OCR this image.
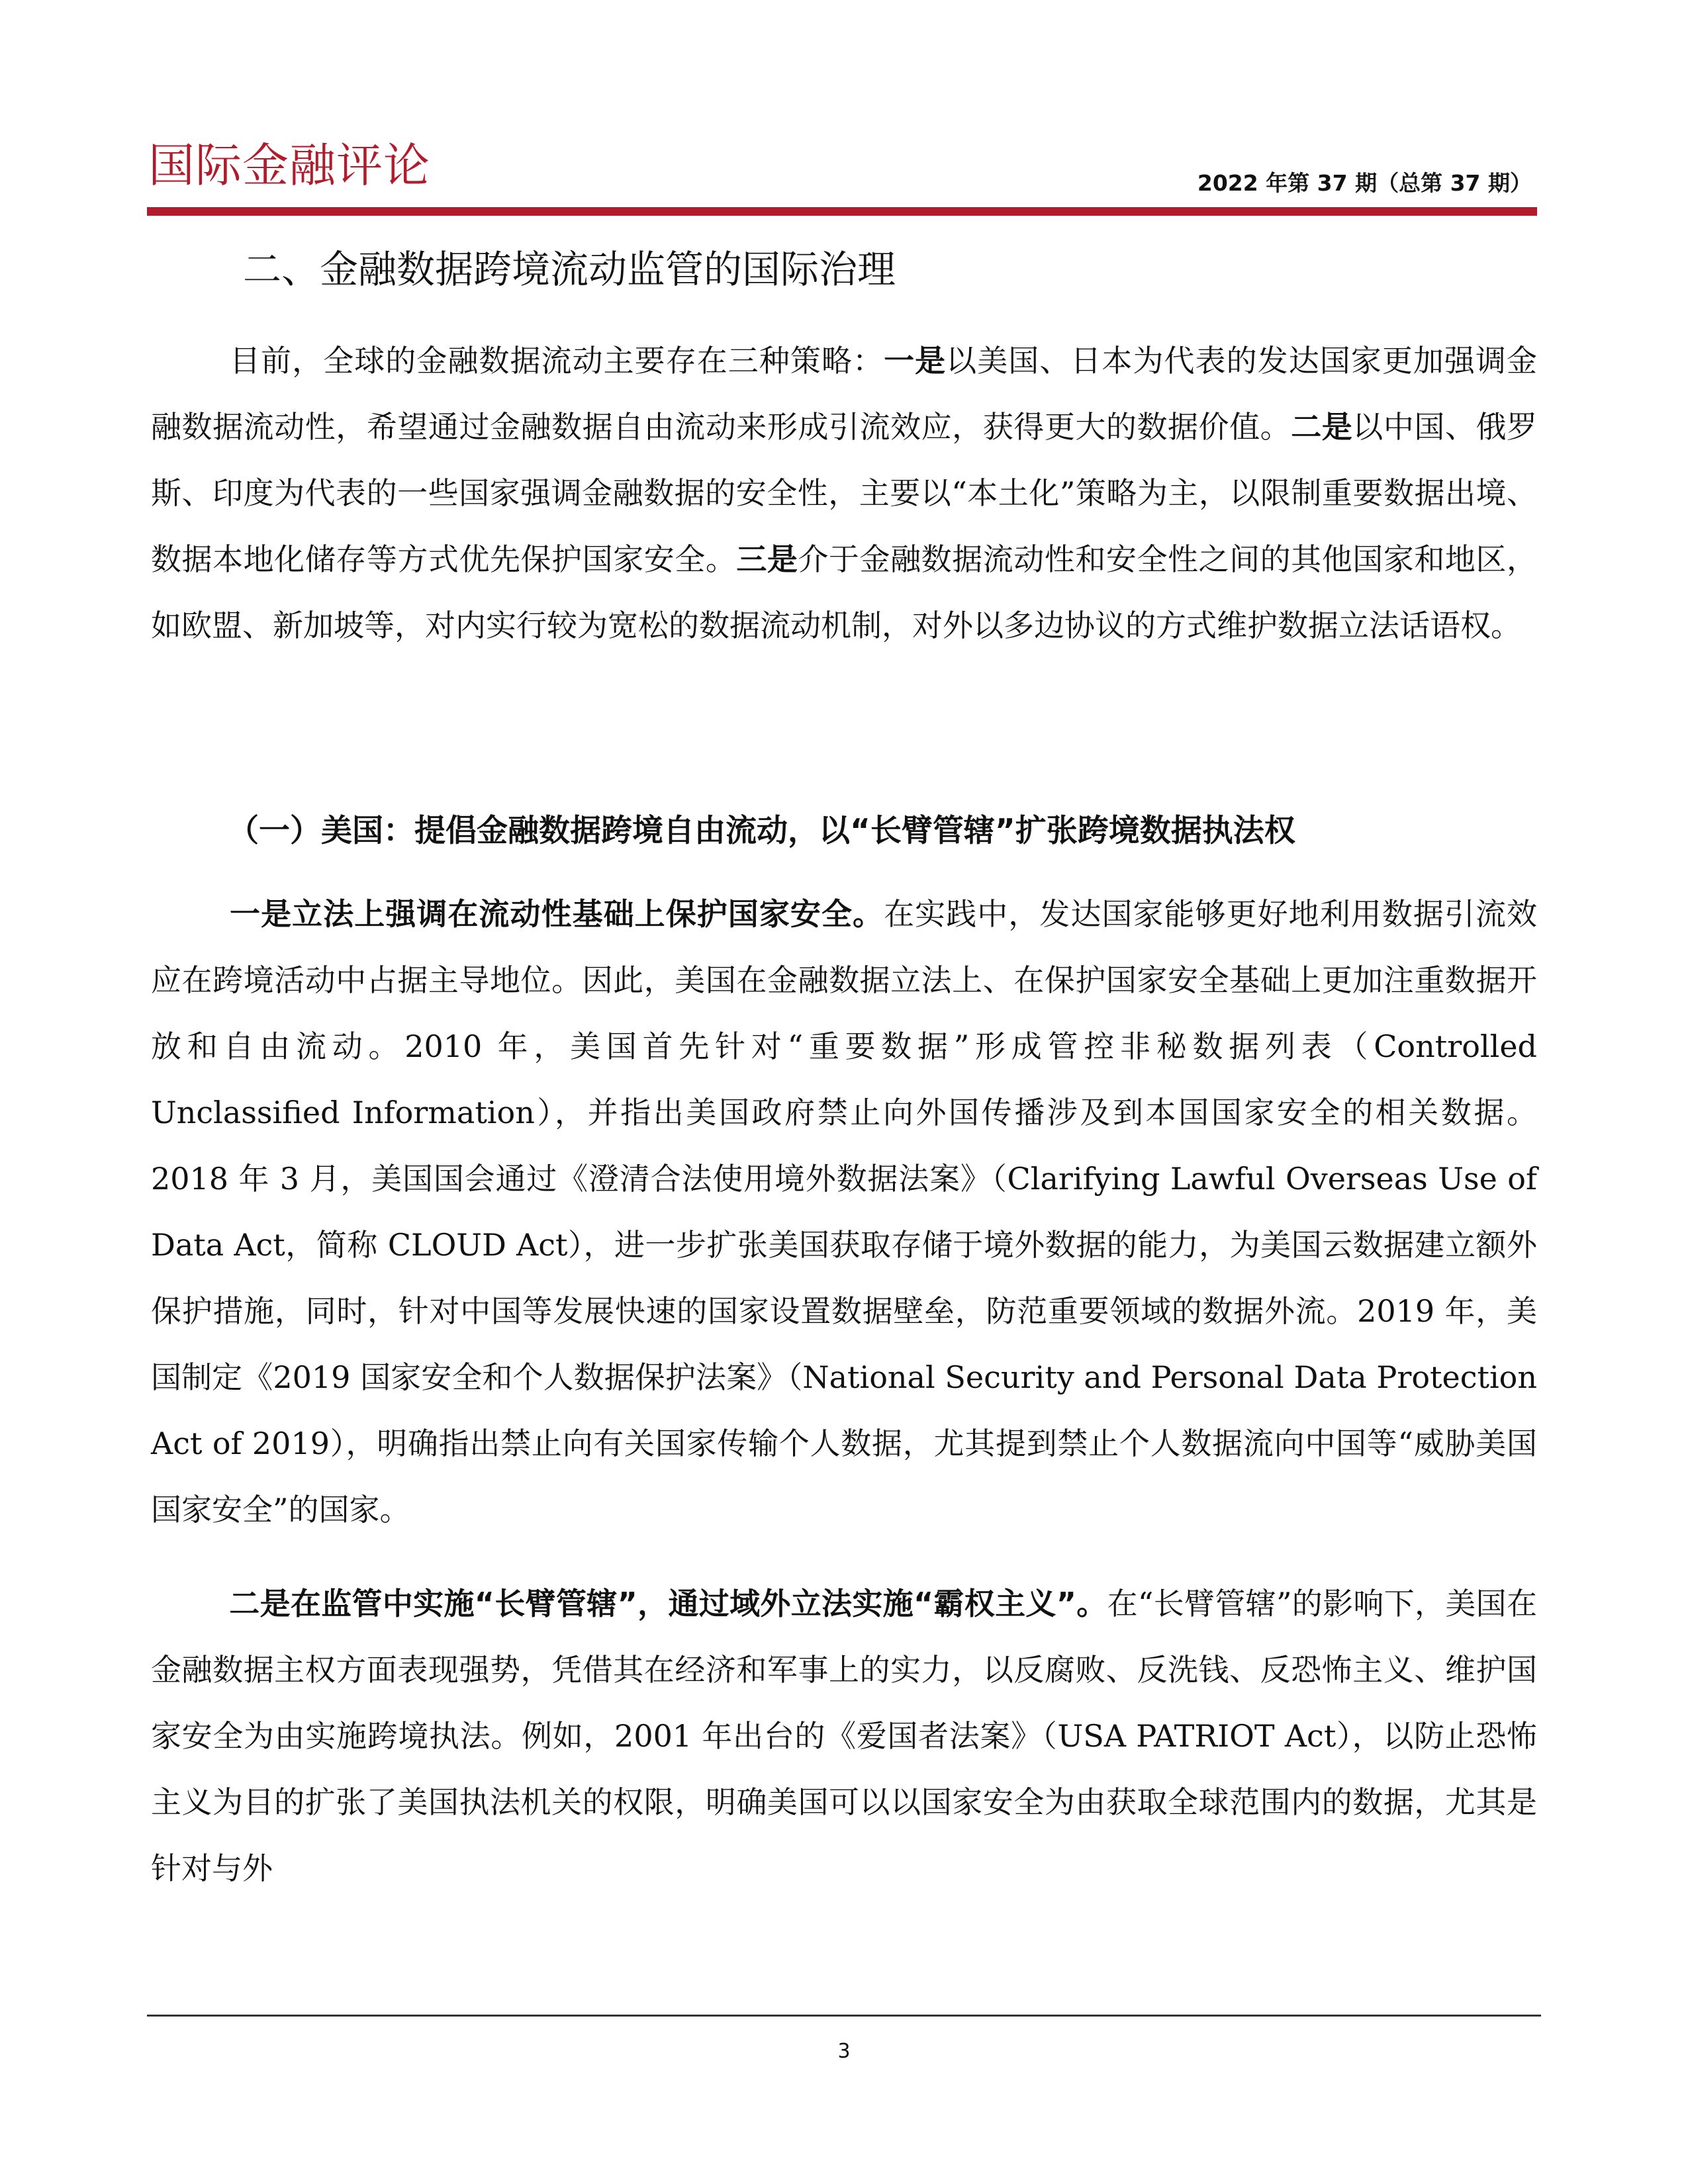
国际金融评论	2022 年第 37 期（总第 37 期）
二、金融数据跨境流动监管的国际治理

目前，全球的金融数据流动主要存在三种策略：一是以美国、日本为代表的发达国家更加强调金融数据流动性，希望通过金融数据自由流动来形成引流效应，获得更大的数据价值。二是以中国、俄罗斯、印度为代表的一些国家强调金融数据的安全性，主要以“本土化”策略为主，以限制重要数据出境、数据本地化储存等方式优先保护国家安全。三是介于金融数据流动性和安全性之间的其他国家和地区，如欧盟、新加坡等，对内实行较为宽松的数据流动机制，对外以多边协议的方式维护数据立法话语权。

（一）美国：提倡金融数据跨境自由流动，以“长臂管辖”扩张跨境数据执法权

一是立法上强调在流动性基础上保护国家安全。在实践中，发达国家能够更好地利用数据引流效应在跨境活动中占据主导地位。因此，美国在金融数据立法上、在保护国家安全基础上更加注重数据开放和自由流动。2010 年，美国首先针对“重要数据”形成管控非秘数据列表（Controlled Unclassified Information），并指出美国政府禁止向外国传播涉及到本国国家安全的相关数据。2018 年 3 月，美国国会通过《澄清合法使用境外数据法案》（Clarifying Lawful Overseas Use of Data Act，简称 CLOUD Act），进一步扩张美国获取存储于境外数据的能力，为美国云数据建立额外保护措施，同时，针对中国等发展快速的国家设置数据壁垒，防范重要领域的数据外流。2019 年，美国制定《2019 国家安全和个人数据保护法案》（National Security and Personal Data Protection Act of 2019），明确指出禁止向有关国家传输个人数据，尤其提到禁止个人数据流向中国等“威胁美国国家安全”的国家。

二是在监管中实施“长臂管辖”，通过域外立法实施“霸权主义”。在“长臂管辖”的影响下，美国在金融数据主权方面表现强势，凭借其在经济和军事上的实力，以反腐败、反洗钱、反恐怖主义、维护国家安全为由实施跨境执法。例如，2001 年出台的《爱国者法案》（USA PATRIOT Act），以防止恐怖主义为目的扩张了美国执法机关的权限，明确美国可以以国家安全为由获取全球范围内的数据，尤其是针对与外

3
